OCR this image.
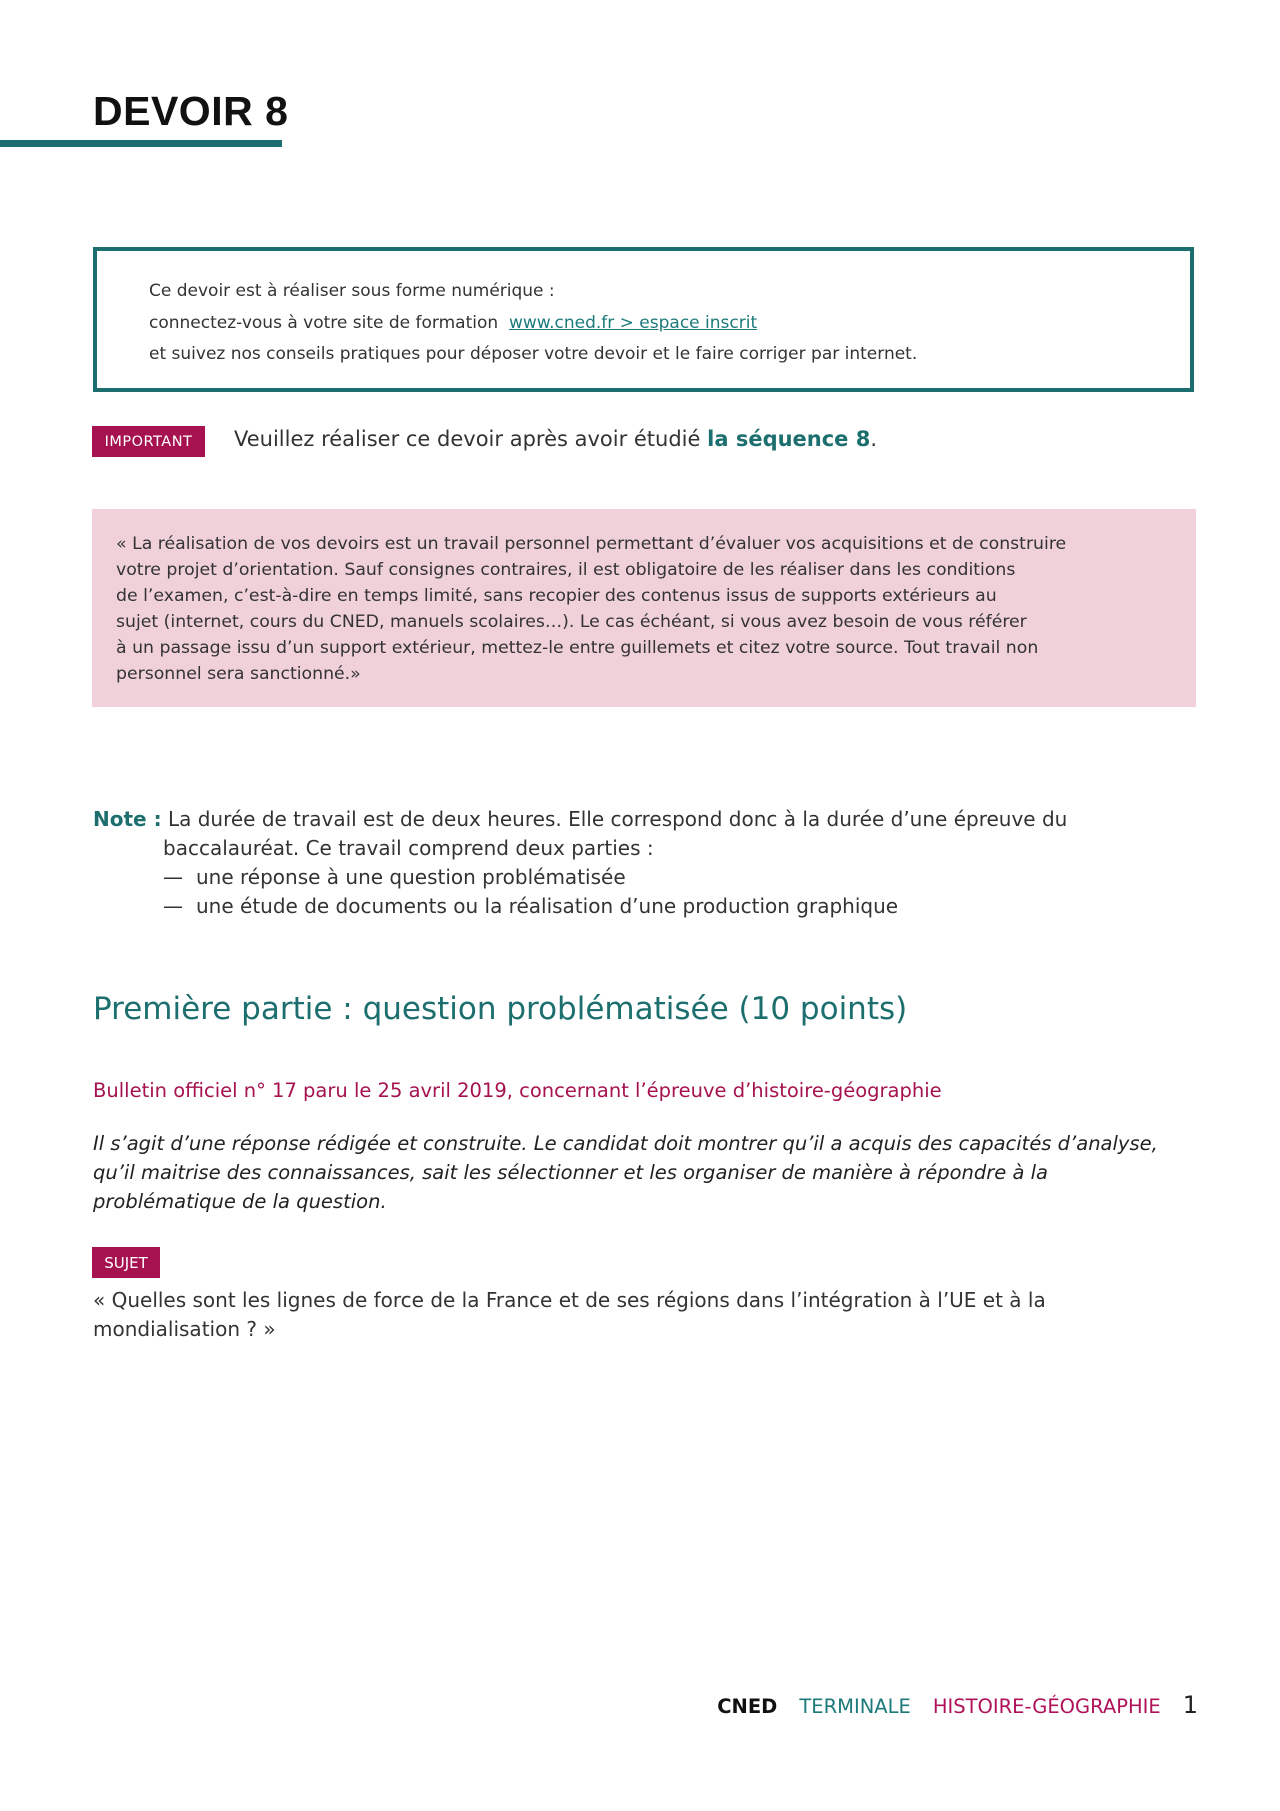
DEVOIR 8
Ce devoir est à réaliser sous forme numérique :
connectez-vous à votre site de formation www.cned.fr > espace inscrit
et suivez nos conseils pratiques pour déposer votre devoir et le faire corriger par internet.
IMPORTANT	Veuillez réaliser ce devoir après avoir étudié la séquence 8.
« La réalisation de vos devoirs est un travail personnel permettant d’évaluer vos acquisitions et de construire
votre projet d’orientation. Sauf consignes contraires, il est obligatoire de les réaliser dans les conditions
de l’examen, c’est-à-dire en temps limité, sans recopier des contenus issus de supports extérieurs au
sujet (internet, cours du CNED, manuels scolaires…). Le cas échéant, si vous avez besoin de vous référer
à un passage issu d’un support extérieur, mettez-le entre guillemets et citez votre source. Tout travail non
personnel sera sanctionné.»
Note : La durée de travail est de deux heures. Elle correspond donc à la durée d’une épreuve du
baccalauréat. Ce travail comprend deux parties :
— une réponse à une question problématisée
— une étude de documents ou la réalisation d’une production graphique
Première partie : question problématisée (10 points)
Bulletin officiel n° 17 paru le 25 avril 2019, concernant l’épreuve d’histoire-géographie
Il s’agit d’une réponse rédigée et construite. Le candidat doit montrer qu’il a acquis des capacités d’analyse,
qu’il maitrise des connaissances, sait les sélectionner et les organiser de manière à répondre à la
problématique de la question.
SUJET
« Quelles sont les lignes de force de la France et de ses régions dans l’intégration à l’UE et à la
mondialisation ? »
CNED TERMINALE HISTOIRE-GÉOGRAPHIE 1
